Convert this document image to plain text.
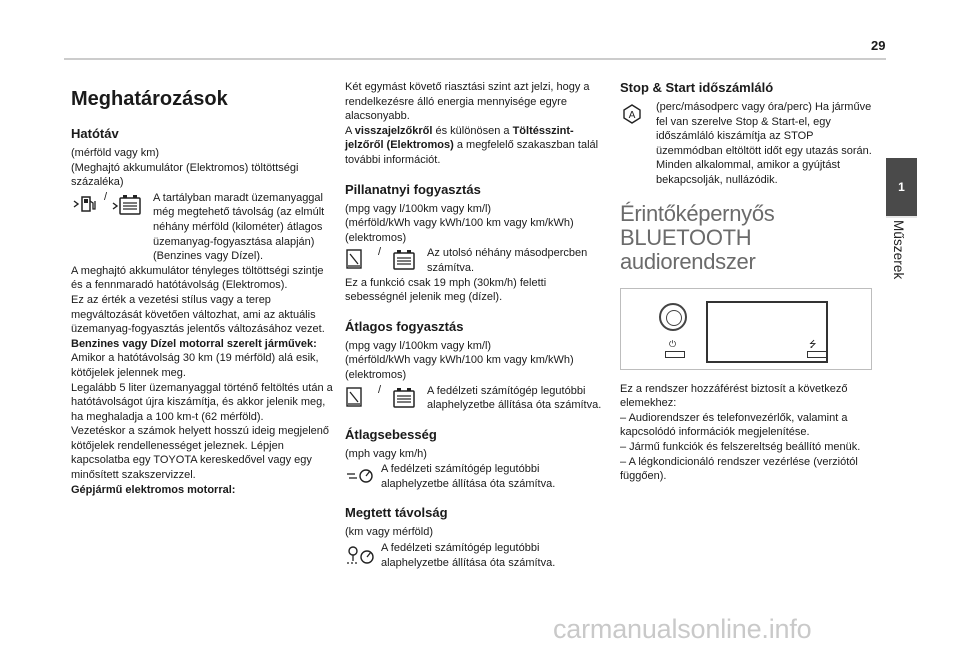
29
1
Műszerek
Meghatározások
Hatótáv

(mérföld vagy km)

(Meghajtó akkumulátor (Elektromos) töltöttségi százaléka)

/	A tartályban maradt üzemanyaggal még megtehető távolság (az elmúlt néhány mérföld (kilométer) átlagos üzemanyag-fogyasztása alapján) (Benzines vagy Dízel).

A meghajtó akkumulátor tényleges töltöttségi szintje és a fennmaradó hatótávolság (Elektromos).

Ez az érték a vezetési stílus vagy a terep megváltozását követően változhat, ami az aktuális üzemanyag-fogyasztás jelentős változásához vezet.

Benzines vagy Dízel motorral szerelt járművek:

Amikor a hatótávolság 30 km (19 mérföld) alá esik, kötőjelek jelennek meg.

Legalább 5 liter üzemanyaggal történő feltöltés után a hatótávolságot újra kiszámítja, és akkor jelenik meg, ha meghaladja a 100 km-t (62 mérföld).

Vezetéskor a számok helyett hosszú ideig megjelenő kötőjelek rendellenességet jeleznek. Lépjen kapcsolatba egy TOYOTA kereskedővel vagy egy minősített szakszervizzel.

Gépjármű elektromos motorral:

Két egymást követő riasztási szint azt jelzi, hogy a rendelkezésre álló energia mennyisége egyre alacsonyabb.

A visszajelzőkről és különösen a Töltésszint-jelzőről (Elektromos) a megfelelő szakaszban talál további információt.

Pillanatnyi fogyasztás

(mpg vagy l/100km vagy km/l)

(mérföld/kWh vagy kWh/100 km vagy km/kWh) (elektromos)

/	Az utolsó néhány másodpercben számítva.

Ez a funkció csak 19 mph (30km/h) feletti sebességnél jelenik meg (dízel).

Átlagos fogyasztás

(mpg vagy l/100km vagy km/l)

(mérföld/kWh vagy kWh/100 km vagy km/kWh) (elektromos)

/	A fedélzeti számítógép legutóbbi alaphelyzetbe állítása óta számítva.

Átlagsebesség

(mph vagy km/h)

A fedélzeti számítógép legutóbbi alaphelyzetbe állítása óta számítva.

Megtett távolság

(km vagy mérföld)

A fedélzeti számítógép legutóbbi alaphelyzetbe állítása óta számítva.

Stop & Start időszámláló
A

(perc/másodperc vagy óra/perc) Ha járműve fel van szerelve Stop & Start-el, egy időszámláló kiszámítja az STOP üzemmódban eltöltött időt egy utazás során. Minden alkalommal, amikor a gyújtást bekapcsolják, nullázódik.

Érintőképernyős BLUETOOTH audiorendszer
⏻	⭍

Ez a rendszer hozzáférést biztosít a következő elemekhez:

– Audiorendszer és telefonvezérlők, valamint a kapcsolódó információk megjelenítése.

– Jármű funkciók és felszereltség beállító menük.

– A légkondicionáló rendszer vezérlése (verziótól függően).

carmanualsonline.info
